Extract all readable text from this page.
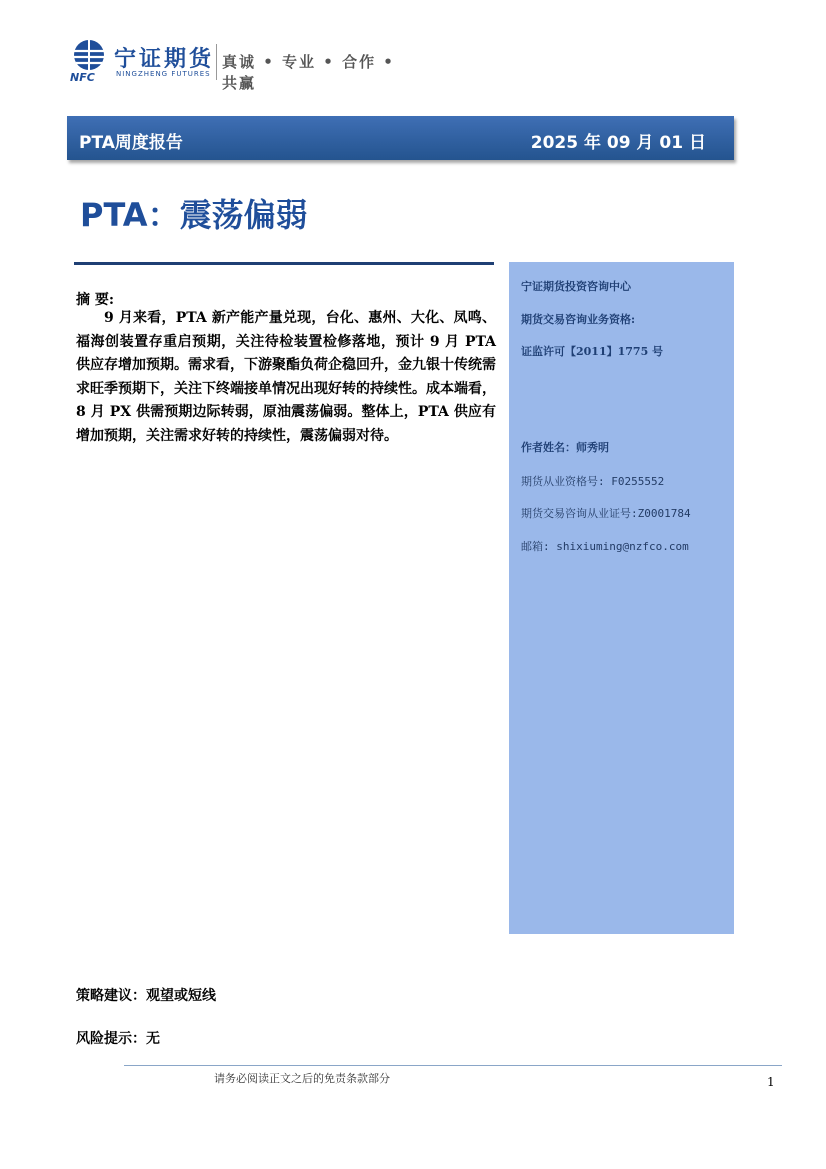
NFC
宁证期货
NINGZHENG FUTURES
真诚 • 专业 • 合作 • 共赢
PTA周度报告	2025 年 09 月 01 日
PTA：震荡偏弱
摘 要:
9 月来看，PTA 新产能产量兑现，台化、惠州、大化、凤鸣、福海创装置存重启预期，关注待检装置检修落地，预计 9 月 PTA 供应存增加预期。需求看，下游聚酯负荷企稳回升，金九银十传统需求旺季预期下，关注下终端接单情况出现好转的持续性。成本端看，8 月 PX 供需预期边际转弱，原油震荡偏弱。整体上，PTA 供应有增加预期，关注需求好转的持续性，震荡偏弱对待。
宁证期货投资咨询中心
期货交易咨询业务资格:
证监许可【2011】1775 号
作者姓名：师秀明
期货从业资格号: F0255552
期货交易咨询从业证号:Z0001784
邮箱: shixiuming@nzfco.com
策略建议：观望或短线
风险提示：无
请务必阅读正文之后的免责条款部分	1
